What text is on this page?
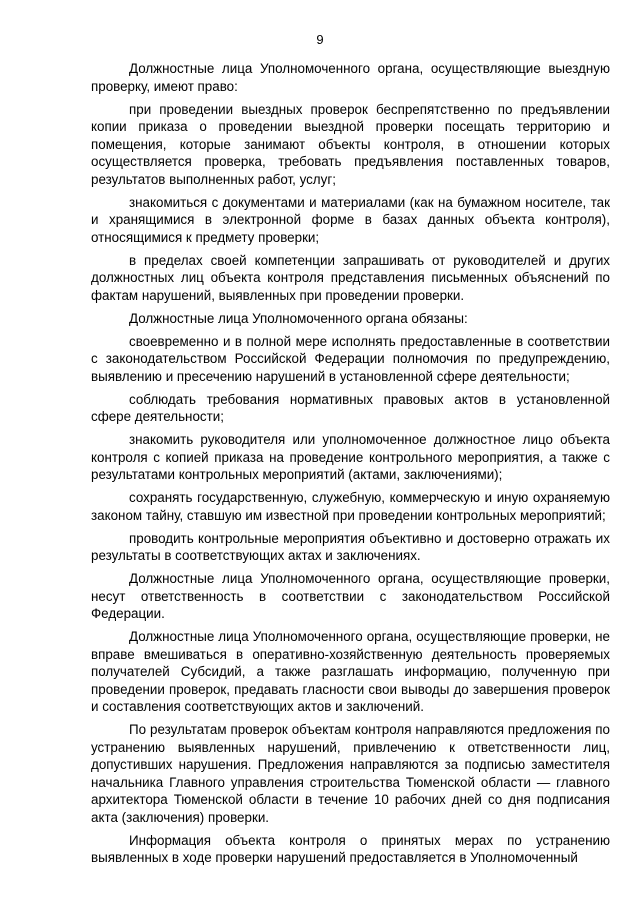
9

Должностные лица Уполномоченного органа, осуществляющие выездную проверку, имеют право:

при проведении выездных проверок беспрепятственно по предъявлении копии приказа о проведении выездной проверки посещать территорию и помещения, которые занимают объекты контроля, в отношении которых осуществляется проверка, требовать предъявления поставленных товаров, результатов выполненных работ, услуг;

знакомиться с документами и материалами (как на бумажном носителе, так и хранящимися в электронной форме в базах данных объекта контроля), относящимися к предмету проверки;

в пределах своей компетенции запрашивать от руководителей и других должностных лиц объекта контроля представления письменных объяснений по фактам нарушений, выявленных при проведении проверки.

Должностные лица Уполномоченного органа обязаны:

своевременно и в полной мере исполнять предоставленные в соответствии с законодательством Российской Федерации полномочия по предупреждению, выявлению и пресечению нарушений в установленной сфере деятельности;

соблюдать требования нормативных правовых актов в установленной сфере деятельности;

знакомить руководителя или уполномоченное должностное лицо объекта контроля с копией приказа на проведение контрольного мероприятия, а также с результатами контрольных мероприятий (актами, заключениями);

сохранять государственную, служебную, коммерческую и иную охраняемую законом тайну, ставшую им известной при проведении контрольных мероприятий;

проводить контрольные мероприятия объективно и достоверно отражать их результаты в соответствующих актах и заключениях.

Должностные лица Уполномоченного органа, осуществляющие проверки, несут ответственность в соответствии с законодательством Российской Федерации.

Должностные лица Уполномоченного органа, осуществляющие проверки, не вправе вмешиваться в оперативно-хозяйственную деятельность проверяемых получателей Субсидий, а также разглашать информацию, полученную при проведении проверок, предавать гласности свои выводы до завершения проверок и составления соответствующих актов и заключений.

По результатам проверок объектам контроля направляются предложения по устранению выявленных нарушений, привлечению к ответственности лиц, допустивших нарушения. Предложения направляются за подписью заместителя начальника Главного управления строительства Тюменской области — главного архитектора Тюменской области в течение 10 рабочих дней со дня подписания акта (заключения) проверки.

Информация объекта контроля о принятых мерах по устранению выявленных в ходе проверки нарушений предоставляется в Уполномоченный
